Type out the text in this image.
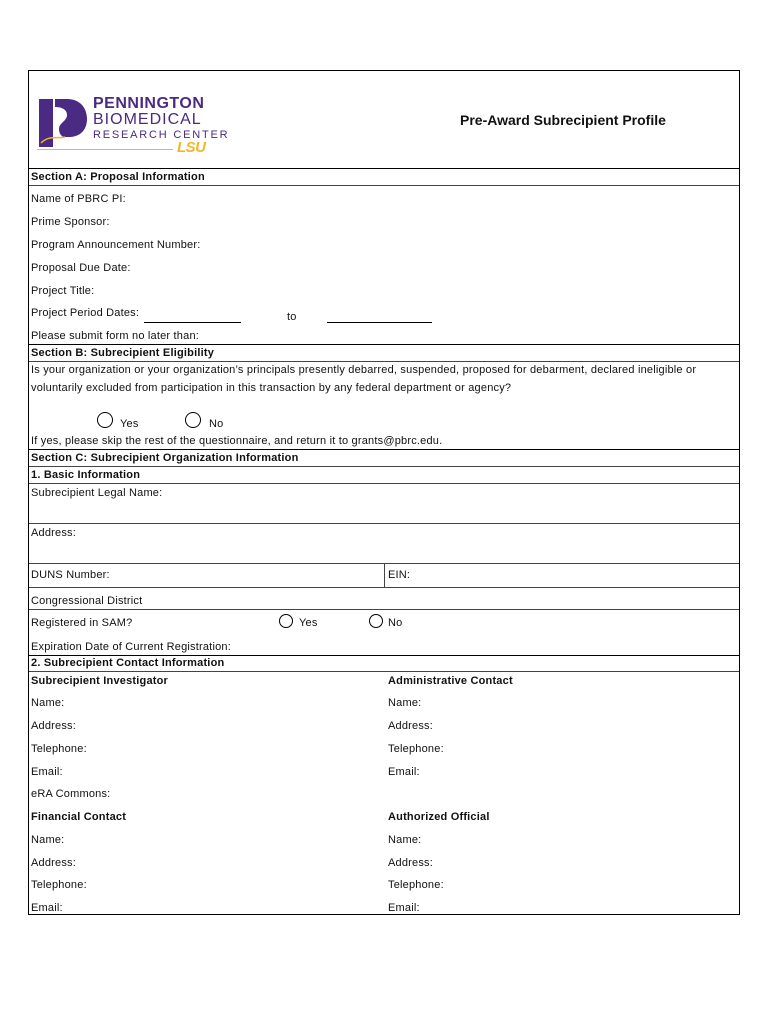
PENNINGTON
BIOMEDICAL
RESEARCH CENTER
LSU
Pre-Award Subrecipient Profile
Section A: Proposal Information
Name of PBRC PI:
Prime Sponsor:
Program Announcement Number:
Proposal Due Date:
Project Title:
Project Period Dates:	to
Please submit form no later than:
Section B: Subrecipient Eligibility
Is your organization or your organization’s principals presently debarred, suspended, proposed for debarment, declared ineligible or
voluntarily excluded from participation in this transaction by any federal department or agency?
Yes	No
If yes, please skip the rest of the questionnaire, and return it to grants@pbrc.edu.
Section C: Subrecipient Organization Information
1. Basic Information
Subrecipient Legal Name:
Address:
DUNS Number:	EIN:
Congressional District
Registered in SAM?	Yes	No
Expiration Date of Current Registration:
2. Subrecipient Contact Information
Subrecipient Investigator	Administrative Contact
Name:	Name:
Address:	Address:
Telephone:	Telephone:
Email:	Email:
eRA Commons:
Financial Contact	Authorized Official
Name:	Name:
Address:	Address:
Telephone:	Telephone:
Email:	Email:
